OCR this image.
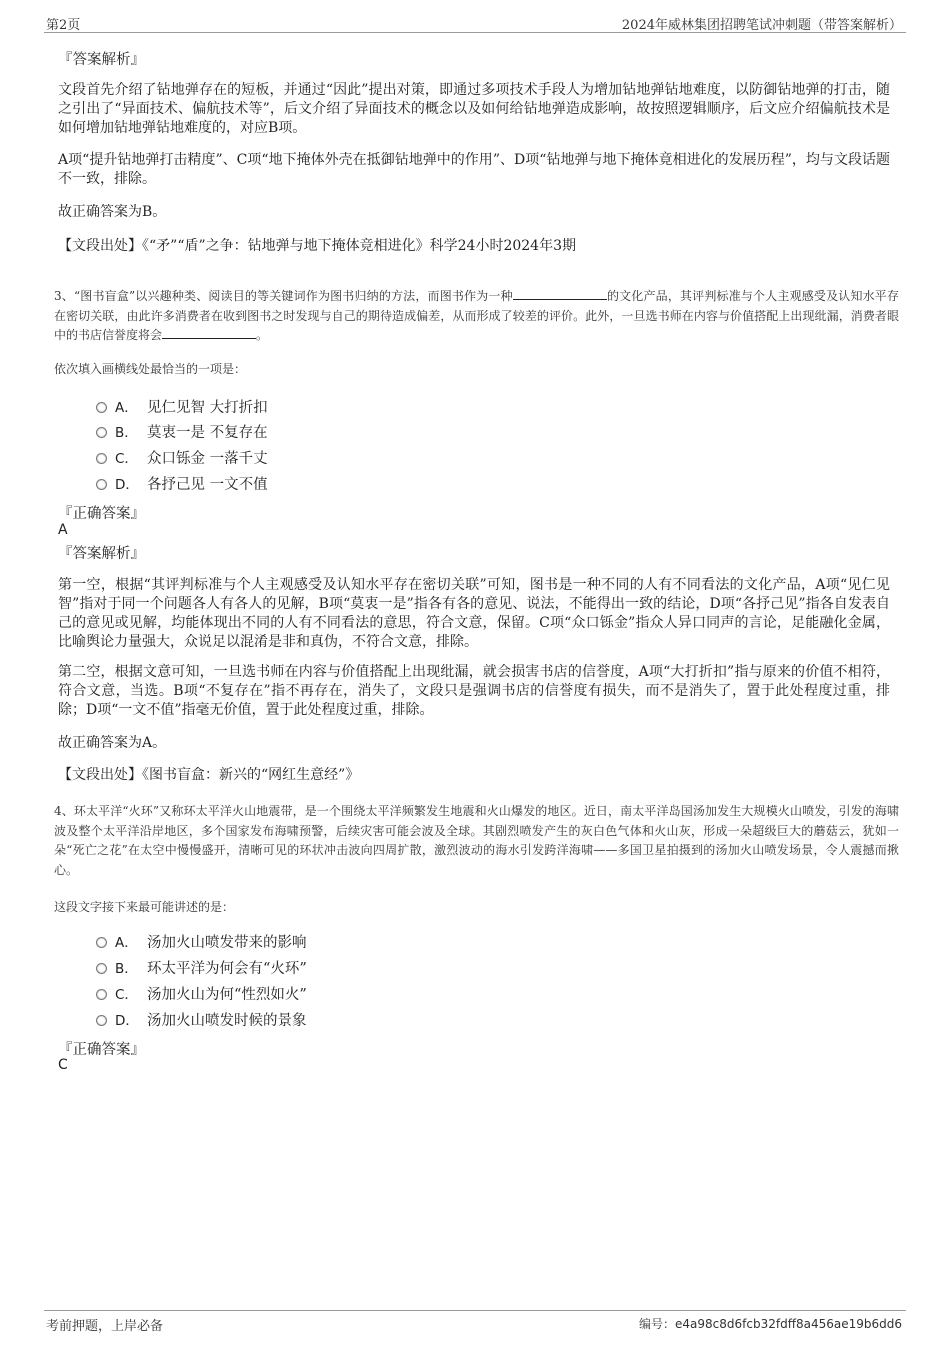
第2页	2024年威林集团招聘笔试冲刺题（带答案解析）
『答案解析』
文段首先介绍了钻地弹存在的短板，并通过“因此”提出对策，即通过多项技术手段人为增加钻地弹钻地难度，以防御钻地弹的打击，随之引出了“异面技术、偏航技术等”，后文介绍了异面技术的概念以及如何给钻地弹造成影响，故按照逻辑顺序，后文应介绍偏航技术是如何增加钻地弹钻地难度的，对应B项。
A项“提升钻地弹打击精度”、C项“地下掩体外壳在抵御钻地弹中的作用”、D项“钻地弹与地下掩体竟相进化的发展历程”，均与文段话题不一致，排除。
故正确答案为B。
【文段出处】《“矛”“盾”之争：钻地弹与地下掩体竞相进化》科学24小时2024年3期
3、“图书盲盒”以兴趣种类、阅读目的等关键词作为图书归纳的方法，而图书作为一种	的文化产品，其评判标准与个人主观感受及认知水平存在密切关联，由此许多消费者在收到图书之时发现与自己的期待造成偏差，从而形成了较差的评价。此外，一旦选书师在内容与价值搭配上出现纰漏，消费者眼中的书店信誉度将会	。
依次填入画横线处最恰当的一项是：
A． 见仁见智 大打折扣
B． 莫衷一是 不复存在
C． 众口铄金 一落千丈
D． 各抒己见 一文不值
『正确答案』
A
『答案解析』
第一空，根据“其评判标准与个人主观感受及认知水平存在密切关联”可知，图书是一种不同的人有不同看法的文化产品，A项“见仁见智”指对于同一个问题各人有各人的见解，B项“莫衷一是”指各有各的意见、说法，不能得出一致的结论，D项“各抒己见”指各自发表自己的意见或见解，均能体现出不同的人有不同看法的意思，符合文意，保留。C项“众口铄金”指众人异口同声的言论，足能融化金属，比喻舆论力量强大，众说足以混淆是非和真伪，不符合文意，排除。
第二空，根据文意可知，一旦选书师在内容与价值搭配上出现纰漏，就会损害书店的信誉度，A项“大打折扣”指与原来的价值不相符，符合文意，当选。B项“不复存在”指不再存在，消失了，文段只是强调书店的信誉度有损失，而不是消失了，置于此处程度过重，排除；D项“一文不值”指毫无价值，置于此处程度过重，排除。
故正确答案为A。
【文段出处】《图书盲盒：新兴的“网红生意经”》
4、环太平洋“火环”又称环太平洋火山地震带，是一个围绕太平洋频繁发生地震和火山爆发的地区。近日，南太平洋岛国汤加发生大规模火山喷发，引发的海啸波及整个太平洋沿岸地区，多个国家发布海啸预警，后续灾害可能会波及全球。其剧烈喷发产生的灰白色气体和火山灰，形成一朵超级巨大的蘑菇云，犹如一朵“死亡之花”在太空中慢慢盛开，清晰可见的环状冲击波向四周扩散，激烈波动的海水引发跨洋海啸——多国卫星拍摄到的汤加火山喷发场景，令人震撼而揪心。
这段文字接下来最可能讲述的是：
A． 汤加火山喷发带来的影响
B． 环太平洋为何会有“火环”
C． 汤加火山为何“性烈如火”
D． 汤加火山喷发时候的景象
『正确答案』
C
考前押题，上岸必备	编号：e4a98c8d6fcb32fdff8a456ae19b6dd6
